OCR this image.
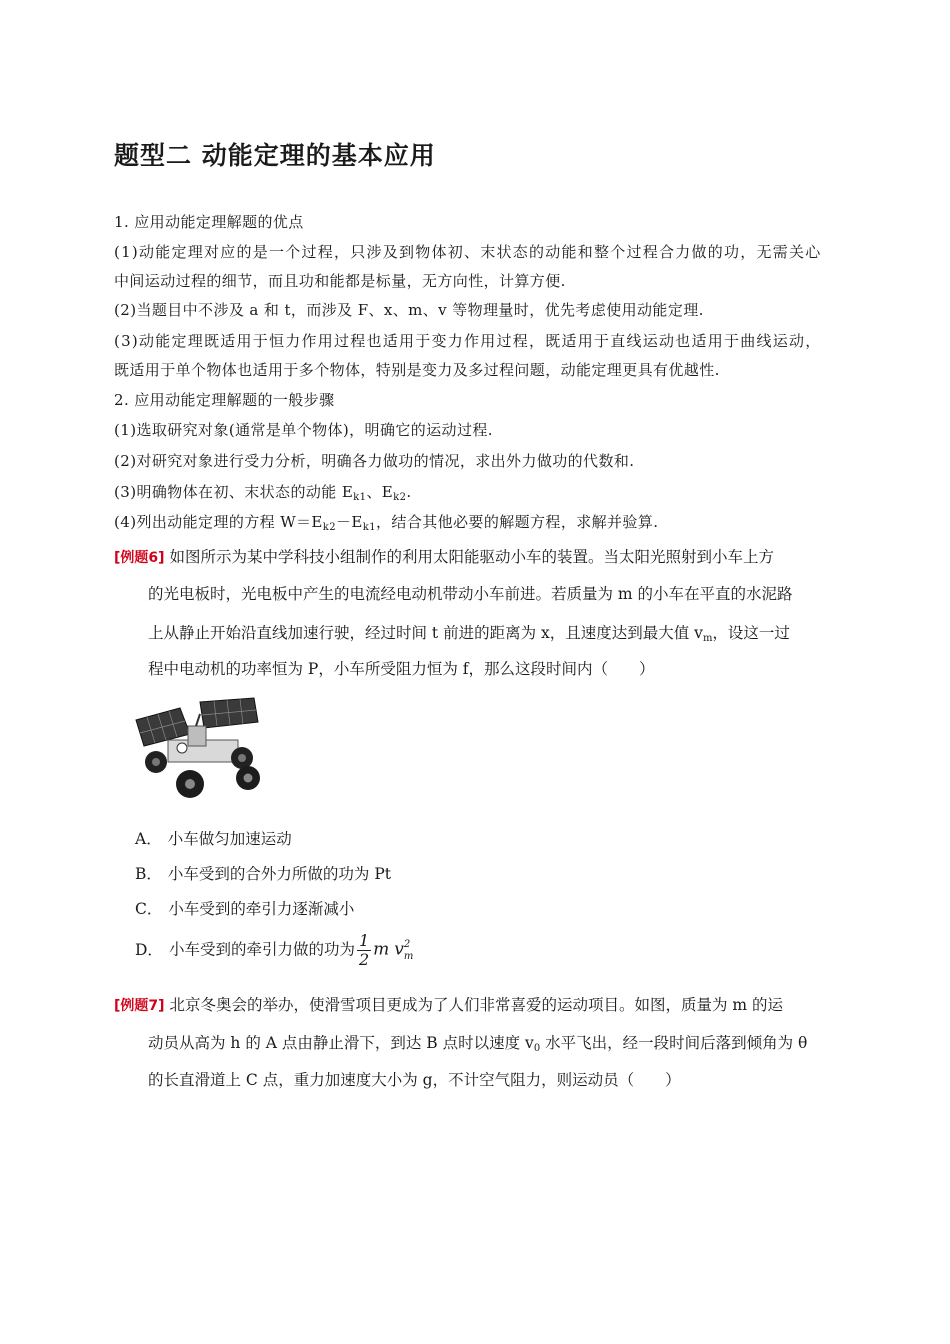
题型二 动能定理的基本应用
1. 应用动能定理解题的优点
(1)动能定理对应的是一个过程，只涉及到物体初、末状态的动能和整个过程合力做的功，无需关心
中间运动过程的细节，而且功和能都是标量，无方向性，计算方便.
(2)当题目中不涉及 a 和 t，而涉及 F、x、m、v 等物理量时，优先考虑使用动能定理.
(3)动能定理既适用于恒力作用过程也适用于变力作用过程，既适用于直线运动也适用于曲线运动，
既适用于单个物体也适用于多个物体，特别是变力及多过程问题，动能定理更具有优越性.
2. 应用动能定理解题的一般步骤
(1)选取研究对象(通常是单个物体)，明确它的运动过程.
(2)对研究对象进行受力分析，明确各力做功的情况，求出外力做功的代数和.
(3)明确物体在初、末状态的动能 $E_{k1}$、$E_{k2}$.
(4)列出动能定理的方程 $W=E_{k2}-E_{k1}$，结合其他必要的解题方程，求解并验算.
[例题6] 如图所示为某中学科技小组制作的利用太阳能驱动小车的装置。当太阳光照射到小车上方
的光电板时，光电板中产生的电流经电动机带动小车前进。若质量为 m 的小车在平直的水泥路
上从静止开始沿直线加速行驶，经过时间 t 前进的距离为 x，且速度达到最大值 $v_m$，设这一过
程中电动机的功率恒为 P，小车所受阻力恒为 f，那么这段时间内（　　）
A． 小车做匀加速运动
B． 小车受到的合外力所做的功为 Pt
C． 小车受到的牵引力逐渐减小
D． 小车受到的牵引力做的功为 $\frac{1}{2}$ m v 2
m
[例题7] 北京冬奥会的举办，使滑雪项目更成为了人们非常喜爱的运动项目。如图，质量为 m 的运
动员从高为 h 的 A 点由静止滑下，到达 B 点时以速度 $v_0$ 水平飞出，经一段时间后落到倾角为 θ
的长直滑道上 C 点，重力加速度大小为 g，不计空气阻力，则运动员（　　）
